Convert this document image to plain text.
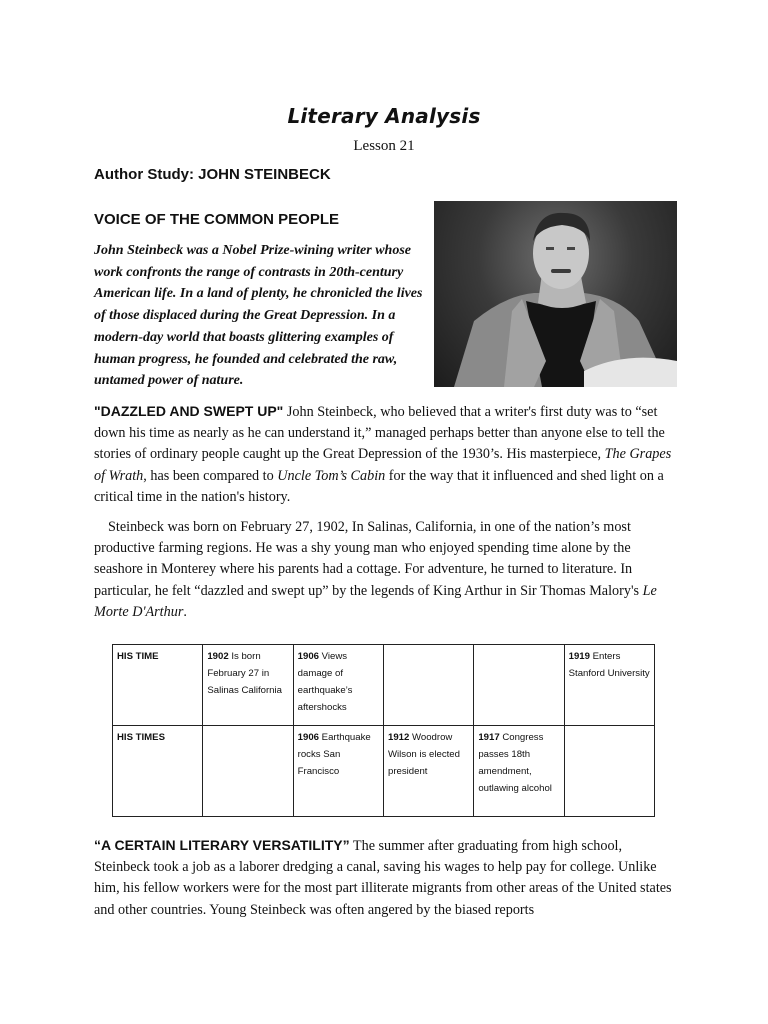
Literary Analysis
Lesson 21
Author Study: JOHN STEINBECK
VOICE OF THE COMMON PEOPLE
John Steinbeck was a Nobel Prize-wining writer whose work confronts the range of contrasts in 20th-century American life. In a land of plenty, he chronicled the lives of those displaced during the Great Depression. In a modern-day world that boasts glittering examples of human progress, he founded and celebrated the raw, untamed power of nature.

"DAZZLED AND SWEPT UP" John Steinbeck, who believed that a writer's first duty was to “set down his time as nearly as he can understand it,” managed perhaps better than anyone else to tell the stories of ordinary people caught up the Great Depression of the 1930’s. His masterpiece, The Grapes of Wrath, has been compared to Uncle Tom’s Cabin for the way that it influenced and shed light on a critical time in the nation's history.

Steinbeck was born on February 27, 1902, In Salinas, California, in one of the nation’s most productive farming regions. He was a shy young man who enjoyed spending time alone by the seashore in Monterey where his parents had a cottage. For adventure, he turned to literature. In particular, he felt “dazzled and swept up” by the legends of King Arthur in Sir Thomas Malory's Le Morte D'Arthur.

HIS TIME	1902 Is born February 27 in Salinas California	1906 Views damage of earthquake’s aftershocks			1919 Enters Stanford University
HIS TIMES		1906 Earthquake rocks San Francisco	1912 Woodrow Wilson is elected president	1917 Congress passes 18th amendment, outlawing alcohol	

“A CERTAIN LITERARY VERSATILITY” The summer after graduating from high school, Steinbeck took a job as a laborer dredging a canal, saving his wages to help pay for college. Unlike him, his fellow workers were for the most part illiterate migrants from other areas of the United states and other countries. Young Steinbeck was often angered by the biased reports
